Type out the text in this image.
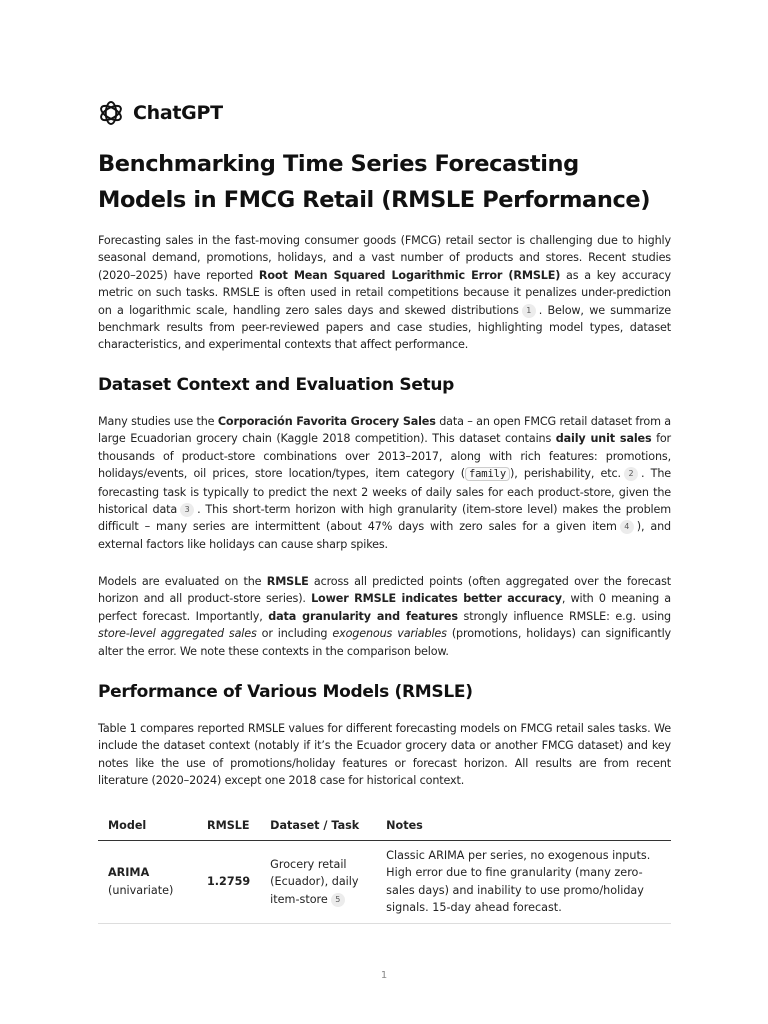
ChatGPT
Benchmarking Time Series Forecasting Models in FMCG Retail (RMSLE Performance)

Forecasting sales in the fast-moving consumer goods (FMCG) retail sector is challenging due to highly seasonal demand, promotions, holidays, and a vast number of products and stores. Recent studies (2020–2025) have reported Root Mean Squared Logarithmic Error (RMSLE) as a key accuracy metric on such tasks. RMSLE is often used in retail competitions because it penalizes under-prediction on a logarithmic scale, handling zero sales days and skewed distributions 1 . Below, we summarize benchmark results from peer-reviewed papers and case studies, highlighting model types, dataset characteristics, and experimental contexts that affect performance.

Dataset Context and Evaluation Setup

Many studies use the Corporación Favorita Grocery Sales data – an open FMCG retail dataset from a large Ecuadorian grocery chain (Kaggle 2018 competition). This dataset contains daily unit sales for thousands of product-store combinations over 2013–2017, along with rich features: promotions, holidays/events, oil prices, store location/types, item category ( family ), perishability, etc. 2 . The forecasting task is typically to predict the next 2 weeks of daily sales for each product-store, given the historical data 3 . This short-term horizon with high granularity (item-store level) makes the problem difficult – many series are intermittent (about 47% days with zero sales for a given item 4 ), and external factors like holidays can cause sharp spikes.

Models are evaluated on the RMSLE across all predicted points (often aggregated over the forecast horizon and all product-store series). Lower RMSLE indicates better accuracy, with 0 meaning a perfect forecast. Importantly, data granularity and features strongly influence RMSLE: e.g. using store-level aggregated sales or including exogenous variables (promotions, holidays) can significantly alter the error. We note these contexts in the comparison below.

Performance of Various Models (RMSLE)

Table 1 compares reported RMSLE values for different forecasting models on FMCG retail sales tasks. We include the dataset context (notably if it’s the Ecuador grocery data or another FMCG dataset) and key notes like the use of promotions/holiday features or forecast horizon. All results are from recent literature (2020–2024) except one 2018 case for historical context.

Model	RMSLE	Dataset / Task	Notes
ARIMA
(univariate)	1.2759	Grocery retail (Ecuador), daily item-store 5	Classic ARIMA per series, no exogenous inputs. High error due to fine granularity (many zero-sales days) and inability to use promo/holiday signals. 15-day ahead forecast.
1
